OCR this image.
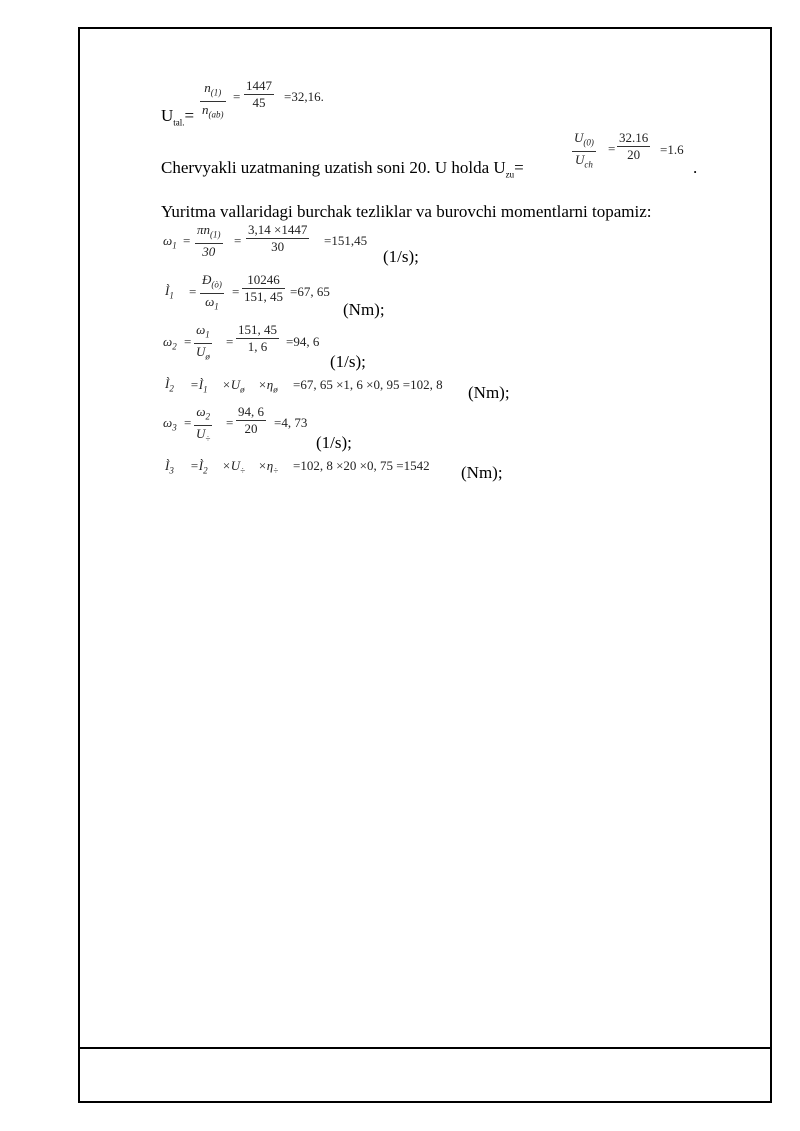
$U_{tal.}= \frac{n_{(1)}}{n_{(ab)}} = \frac{1447}{45} =32,16$.
Chervyakli uzatmaning uzatish soni 20. U holda $U_{zu}=$
$U_{(0)}$
$U_{ch}$
= $\frac{32.16}{20} =1.6$
.
Yuritma vallaridagi burchak tezliklar va burovchi momentlarni topamiz:
$\omega_1 = \frac{\pi n_{(1)}}{30} = \frac{3,14 \times 1447}{30} =151,45$
(1/s);
$Ì_1 = \frac{Ð_{(ò)}}{\omega_1} = \frac{10246}{151, 45} =67$, 65
(Nm);
$\omega_2 = \frac{\omega_1}{U_ø} = \frac{151, 45}{1, 6} =94$, 6
(1/s);
$Ì_2$ $=Ì_1 \times U_ø \times\eta_ø =67$, 65 ×1, 6 ×0, 95 =102, 8 (Nm);
$\omega_3 = \frac{\omega_2}{U_\div} = \frac{94, 6}{20} =4$, 73
(1/s);
$Ì_3$ $=Ì_2 \times U_\div \times\eta_\div =102$, 8 ×20 ×0, 75 =1542 (Nm);
